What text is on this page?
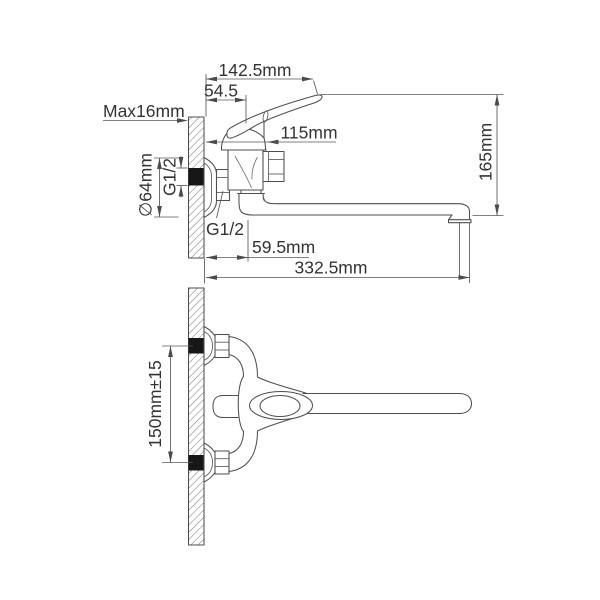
142.5mm
54.5
Max16mm
115mm
∅64mm G1/2
G1/2
59.5mm
332.5mm
165mm
150mm±15
